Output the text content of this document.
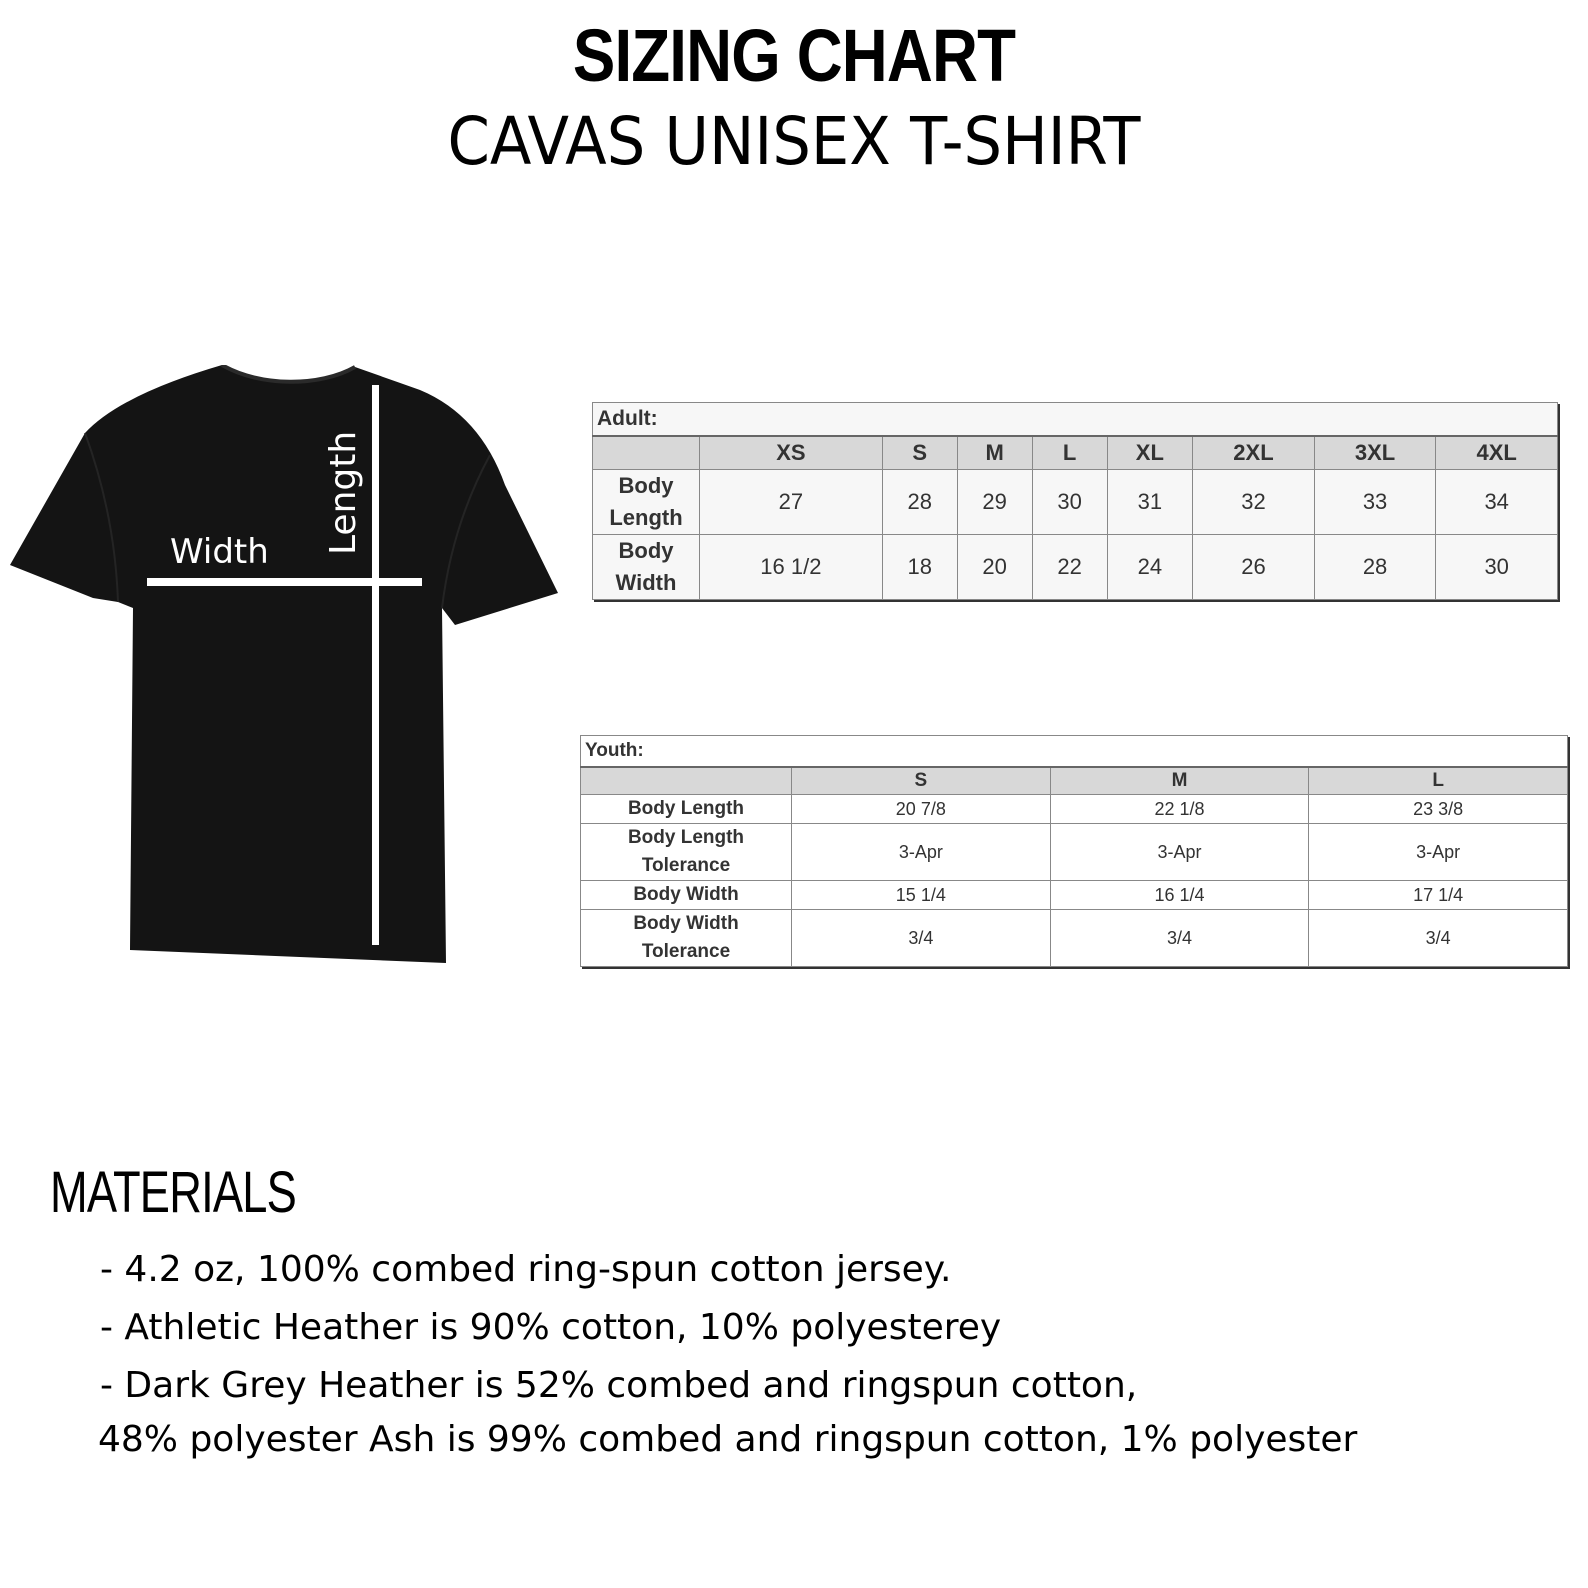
SIZING CHART
CAVAS UNISEX T-SHIRT
Width Length
Adult:								
	XS	S	M	L	XL	2XL	3XL	4XL
Body
Length	27	28	29	30	31	32	33	34
Body
Width	16 1/2	18	20	22	24	26	28	30
Youth:			
	S	M	L
Body Length	20 7/8	22 1/8	23 3/8
Body Length
Tolerance	3-Apr	3-Apr	3-Apr
Body Width	15 1/4	16 1/4	17 1/4
Body Width
Tolerance	3/4	3/4	3/4
MATERIALS
- 4.2 oz, 100% combed ring-spun cotton jersey.
- Athletic Heather is 90% cotton, 10% polyesterey
- Dark Grey Heather is 52% combed and ringspun cotton,
48% polyester Ash is 99% combed and ringspun cotton, 1% polyester
